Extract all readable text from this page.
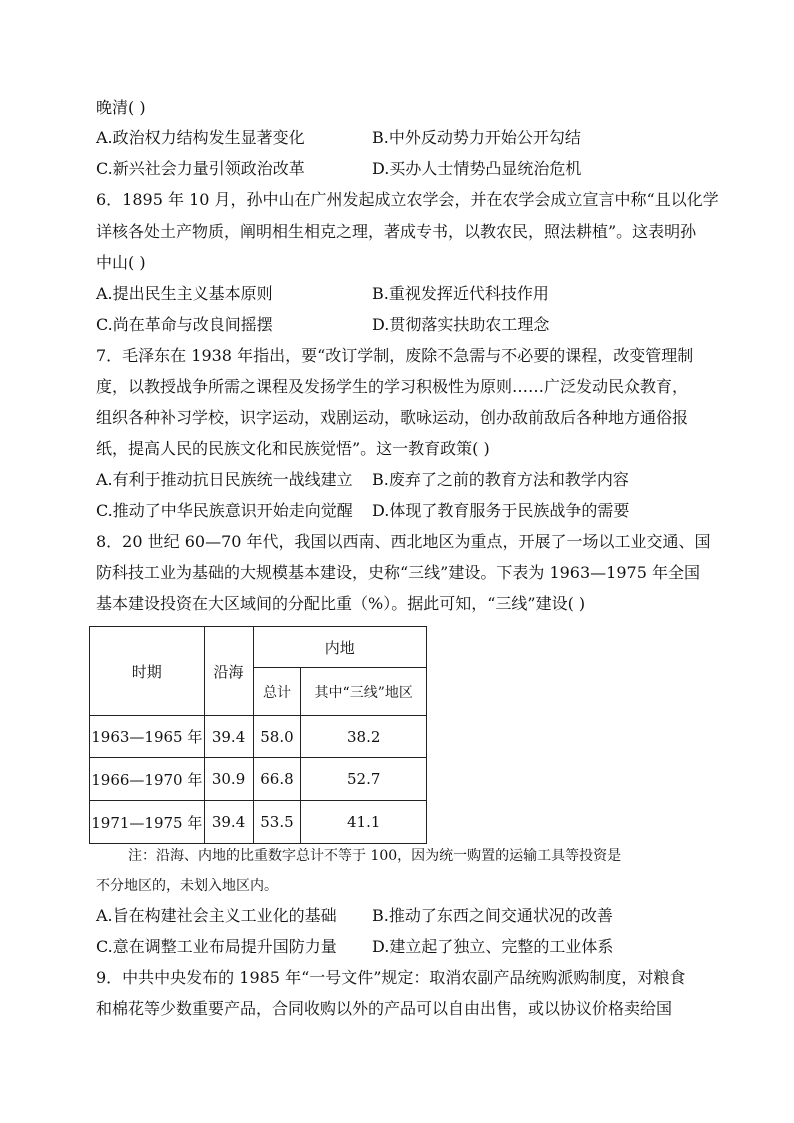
晚清( )
A.政治权力结构发生显著变化	B.中外反动势力开始公开勾结
C.新兴社会力量引领政治改革	D.买办人士情势凸显统治危机
6．1895 年 10 月，孙中山在广州发起成立农学会，并在农学会成立宣言中称“且以化学
详核各处土产物质，阐明相生相克之理，著成专书，以教农民，照法耕植”。这表明孙
中山( )
A.提出民生主义基本原则	B.重视发挥近代科技作用
C.尚在革命与改良间摇摆	D.贯彻落实扶助农工理念
7．毛泽东在 1938 年指出，要“改订学制，废除不急需与不必要的课程，改变管理制
度，以教授战争所需之课程及发扬学生的学习积极性为原则……广泛发动民众教育，
组织各种补习学校，识字运动，戏剧运动，歌咏运动，创办敌前敌后各种地方通俗报
纸，提高人民的民族文化和民族觉悟”。这一教育政策( )
A.有利于推动抗日民族统一战线建立 B.废弃了之前的教育方法和教学内容
C.推动了中华民族意识开始走向觉醒 D.体现了教育服务于民族战争的需要
8．20 世纪 60—70 年代，我国以西南、西北地区为重点，开展了一场以工业交通、国
防科技工业为基础的大规模基本建设，史称“三线”建设。下表为 1963—1975 年全国
基本建设投资在大区域间的分配比重（%）。据此可知，“三线”建设( )
时期	沿海	内地	
		总计	其中“三线”地区
1963—1965 年	39.4	58.0	38.2
1966—1970 年	30.9	66.8	52.7
1971—1975 年	39.4	53.5	41.1
注：沿海、内地的比重数字总计不等于 100，因为统一购置的运输工具等投资是
不分地区的，未划入地区内。
A.旨在构建社会主义工业化的基础 B.推动了东西之间交通状况的改善
C.意在调整工业布局提升国防力量 D.建立起了独立、完整的工业体系
9．中共中央发布的 1985 年“一号文件”规定：取消农副产品统购派购制度，对粮食
和棉花等少数重要产品，合同收购以外的产品可以自由出售，或以协议价格卖给国
